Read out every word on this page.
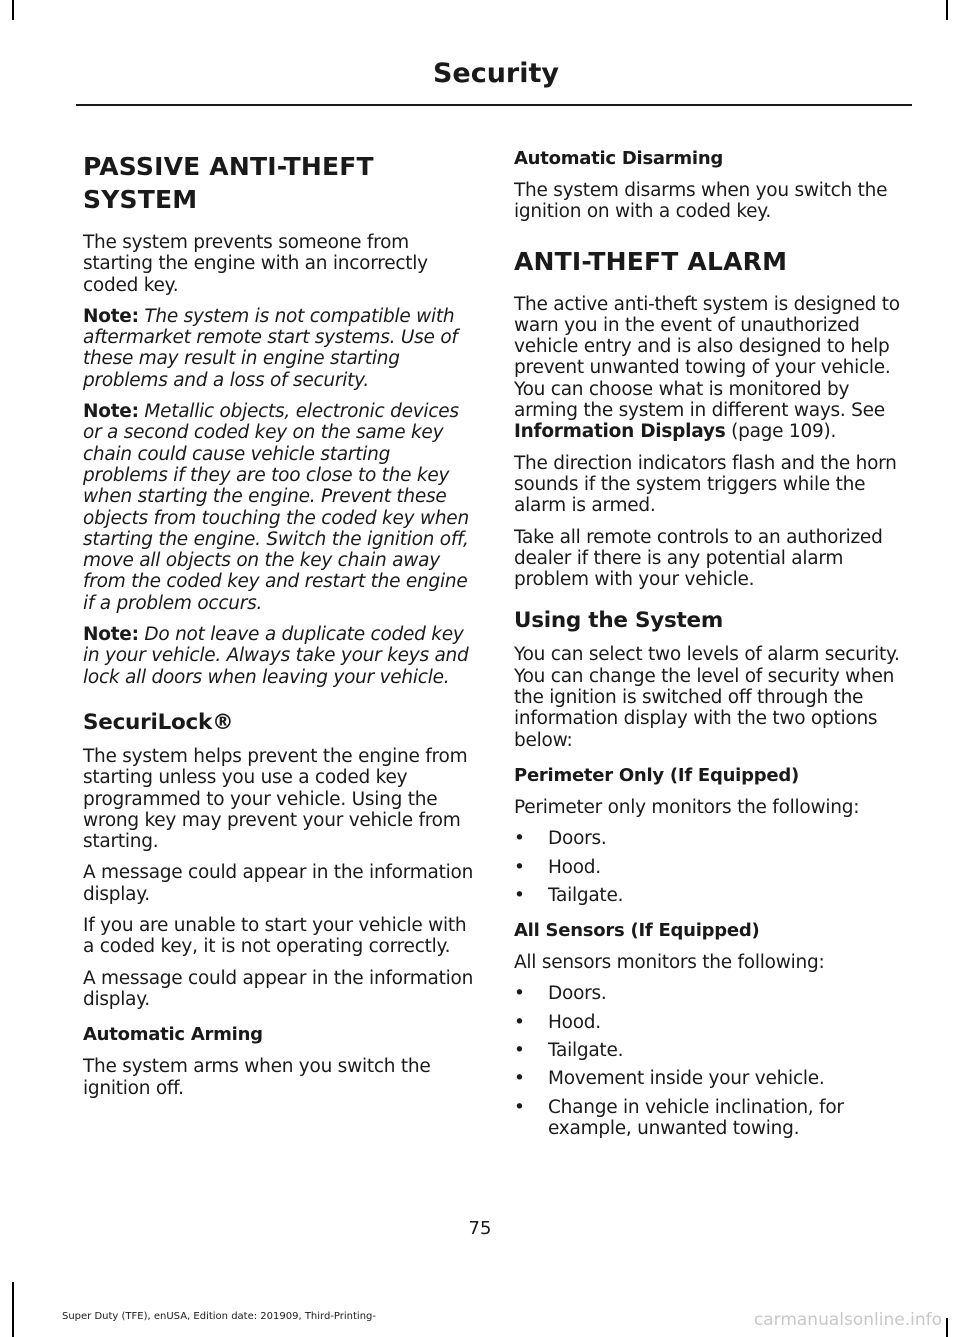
Security
PASSIVE ANTI-THEFT SYSTEM

The system prevents someone from starting the engine with an incorrectly coded key.

Note: The system is not compatible with aftermarket remote start systems. Use of these may result in engine starting problems and a loss of security.

Note: Metallic objects, electronic devices or a second coded key on the same key chain could cause vehicle starting problems if they are too close to the key when starting the engine. Prevent these objects from touching the coded key when starting the engine. Switch the ignition off, move all objects on the key chain away from the coded key and restart the engine if a problem occurs.

Note: Do not leave a duplicate coded key in your vehicle. Always take your keys and lock all doors when leaving your vehicle.

SecuriLock®

The system helps prevent the engine from starting unless you use a coded key programmed to your vehicle. Using the wrong key may prevent your vehicle from starting.

A message could appear in the information display.

If you are unable to start your vehicle with a coded key, it is not operating correctly.

A message could appear in the information display.

Automatic Arming

The system arms when you switch the ignition off.

Automatic Disarming

The system disarms when you switch the ignition on with a coded key.

ANTI-THEFT ALARM

The active anti-theft system is designed to warn you in the event of unauthorized vehicle entry and is also designed to help prevent unwanted towing of your vehicle. You can choose what is monitored by arming the system in different ways. See Information Displays (page 109).

The direction indicators flash and the horn sounds if the system triggers while the alarm is armed.

Take all remote controls to an authorized dealer if there is any potential alarm problem with your vehicle.

Using the System

You can select two levels of alarm security. You can change the level of security when the ignition is switched off through the information display with the two options below:

Perimeter Only (If Equipped)

Perimeter only monitors the following:

• Doors.
• Hood.
• Tailgate.
All Sensors (If Equipped)

All sensors monitors the following:

• Doors.
• Hood.
• Tailgate.
• Movement inside your vehicle.
• Change in vehicle inclination, for example, unwanted towing.
75
Super Duty (TFE), enUSA, Edition date: 201909, Third-Printing-	carmanualsonline.info
